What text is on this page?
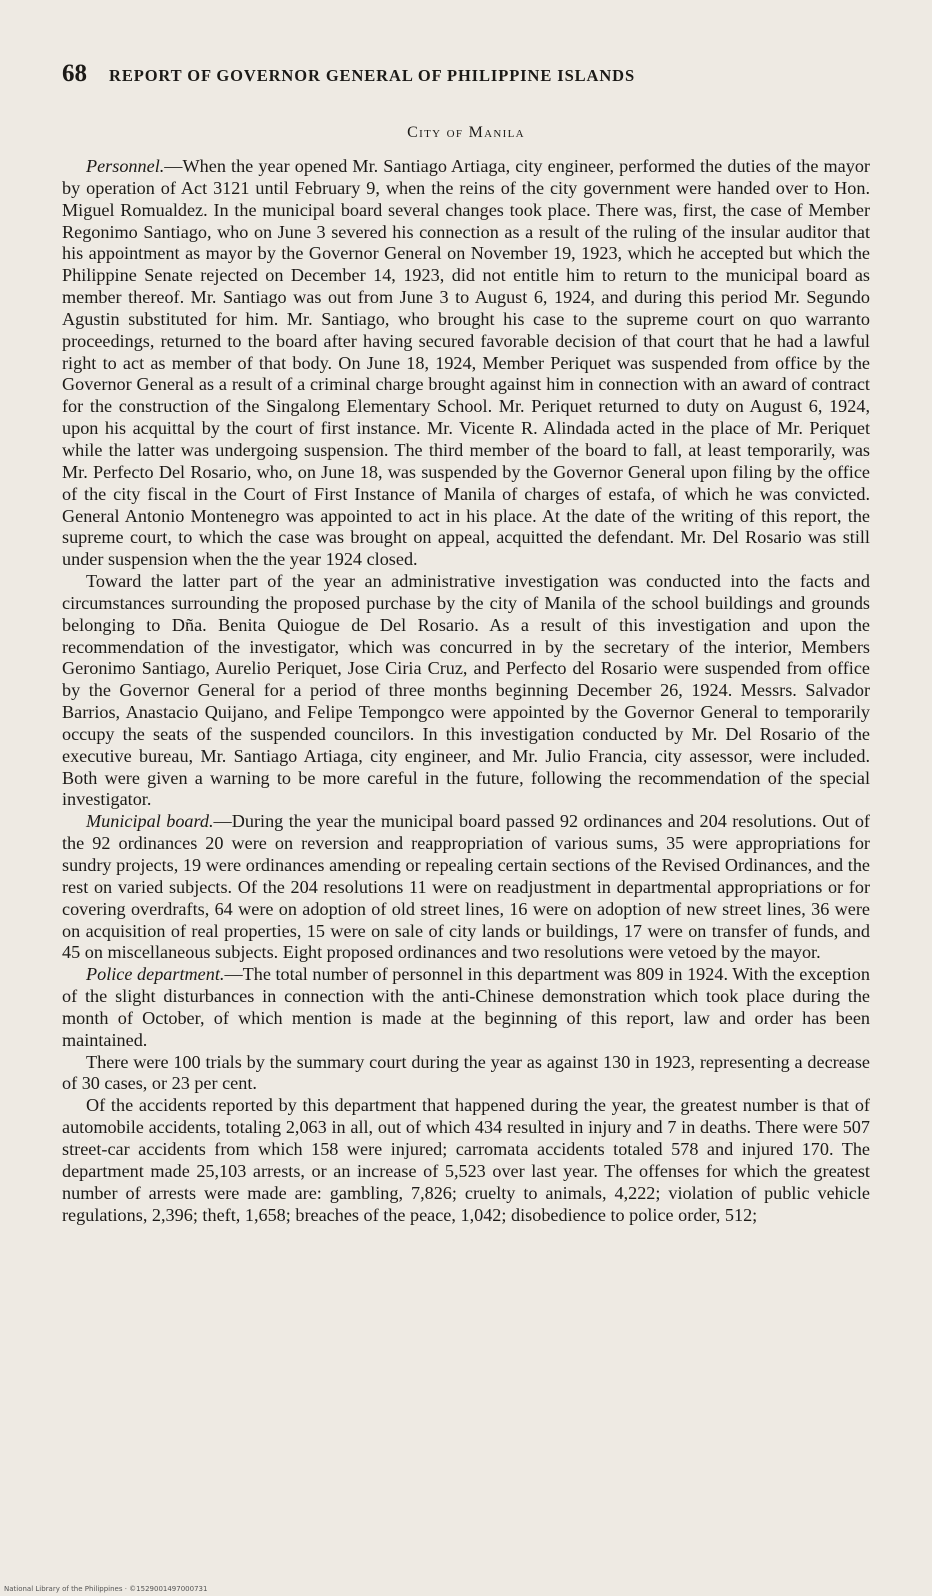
68 REPORT OF GOVERNOR GENERAL OF PHILIPPINE ISLANDS
City of Manila

Personnel.—When the year opened Mr. Santiago Artiaga, city engineer, performed the duties of the mayor by operation of Act 3121 until February 9, when the reins of the city government were handed over to Hon. Miguel Romualdez. In the municipal board several changes took place. There was, first, the case of Member Regonimo Santiago, who on June 3 severed his connection as a result of the ruling of the insular auditor that his appointment as mayor by the Governor General on November 19, 1923, which he accepted but which the Philippine Senate rejected on December 14, 1923, did not entitle him to return to the municipal board as member thereof. Mr. Santiago was out from June 3 to August 6, 1924, and during this period Mr. Segundo Agustin substituted for him. Mr. Santiago, who brought his case to the supreme court on quo warranto proceedings, returned to the board after having secured favorable decision of that court that he had a lawful right to act as member of that body. On June 18, 1924, Member Periquet was suspended from office by the Governor General as a result of a criminal charge brought against him in connection with an award of contract for the construction of the Singalong Elementary School. Mr. Periquet returned to duty on August 6, 1924, upon his acquittal by the court of first instance. Mr. Vicente R. Alindada acted in the place of Mr. Periquet while the latter was undergoing suspension. The third member of the board to fall, at least temporarily, was Mr. Perfecto Del Rosario, who, on June 18, was suspended by the Governor General upon filing by the office of the city fiscal in the Court of First Instance of Manila of charges of estafa, of which he was convicted. General Antonio Montenegro was appointed to act in his place. At the date of the writing of this report, the supreme court, to which the case was brought on appeal, acquitted the defendant. Mr. Del Rosario was still under suspension when the the year 1924 closed.

Toward the latter part of the year an administrative investigation was conducted into the facts and circumstances surrounding the proposed purchase by the city of Manila of the school buildings and grounds belonging to Dña. Benita Quiogue de Del Rosario. As a result of this investigation and upon the recommendation of the investigator, which was concurred in by the secretary of the interior, Members Geronimo Santiago, Aurelio Periquet, Jose Ciria Cruz, and Perfecto del Rosario were suspended from office by the Governor General for a period of three months beginning December 26, 1924. Messrs. Salvador Barrios, Anastacio Quijano, and Felipe Tempongco were appointed by the Governor General to temporarily occupy the seats of the suspended councilors. In this investigation conducted by Mr. Del Rosario of the executive bureau, Mr. Santiago Artiaga, city engineer, and Mr. Julio Francia, city assessor, were included. Both were given a warning to be more careful in the future, following the recommendation of the special investigator.

Municipal board.—During the year the municipal board passed 92 ordinances and 204 resolutions. Out of the 92 ordinances 20 were on reversion and reappropriation of various sums, 35 were appropriations for sundry projects, 19 were ordinances amending or repealing certain sections of the Revised Ordinances, and the rest on varied subjects. Of the 204 resolutions 11 were on readjustment in departmental appropriations or for covering overdrafts, 64 were on adoption of old street lines, 16 were on adoption of new street lines, 36 were on acquisition of real properties, 15 were on sale of city lands or buildings, 17 were on transfer of funds, and 45 on miscellaneous subjects. Eight proposed ordinances and two resolutions were vetoed by the mayor.

Police department.—The total number of personnel in this department was 809 in 1924. With the exception of the slight disturbances in connection with the anti-Chinese demonstration which took place during the month of October, of which mention is made at the beginning of this report, law and order has been maintained.

There were 100 trials by the summary court during the year as against 130 in 1923, representing a decrease of 30 cases, or 23 per cent.

Of the accidents reported by this department that happened during the year, the greatest number is that of automobile accidents, totaling 2,063 in all, out of which 434 resulted in injury and 7 in deaths. There were 507 street-car accidents from which 158 were injured; carromata accidents totaled 578 and injured 170. The department made 25,103 arrests, or an increase of 5,523 over last year. The offenses for which the greatest number of arrests were made are: gambling, 7,826; cruelty to animals, 4,222; violation of public vehicle regulations, 2,396; theft, 1,658; breaches of the peace, 1,042; disobedience to police order, 512;

National Library of the Philippines · ©1529001497000731
